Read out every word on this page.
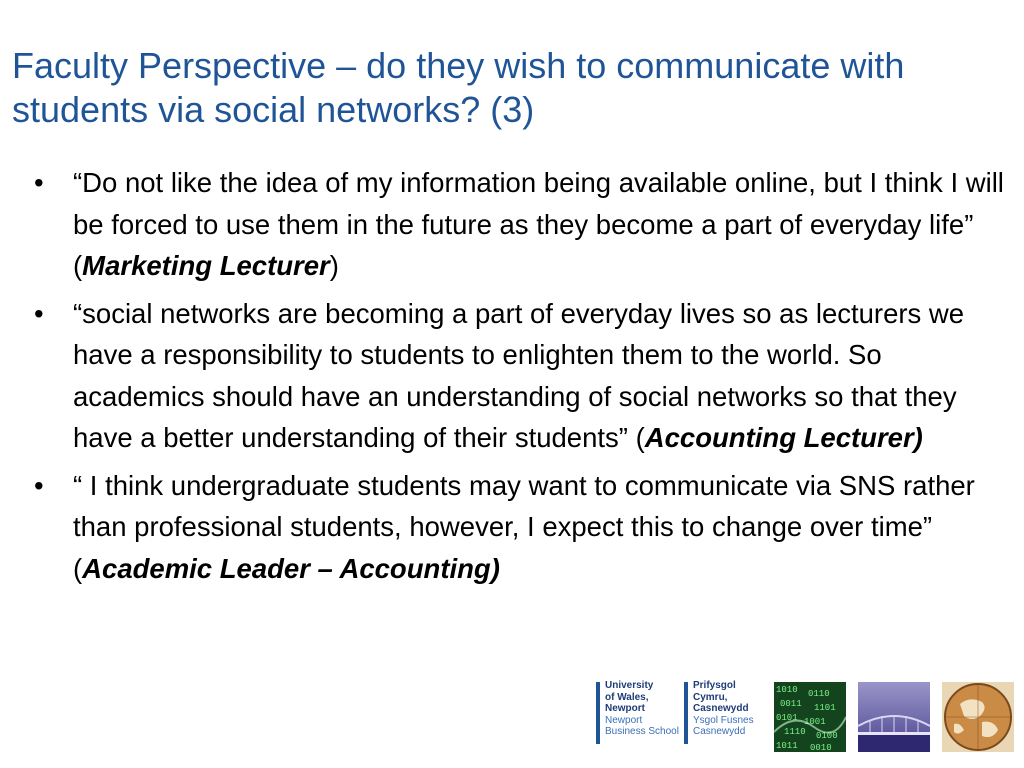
Faculty Perspective – do they wish to communicate with students via social networks? (3)
• “Do not like the idea of my information being available online, but I think I will be forced to use them in the future as they become a part of everyday life” (Marketing Lecturer)
• “social networks are becoming a part of everyday lives so as lecturers we have a responsibility to students to enlighten them to the world. So academics should have an understanding of social networks so that they have a better understanding of their students” (Accounting Lecturer)
• “ I think undergraduate students may want to communicate via SNS rather than professional students, however, I expect this to change over time” (Academic Leader – Accounting)
University
of Wales,
Newport
Newport
Business School
Prifysgol
Cymru,
Casnewydd
Ysgol Fusnes
Casnewydd
1010 0110
0011 1101
0101 1001
1110 0100
1011 0010
